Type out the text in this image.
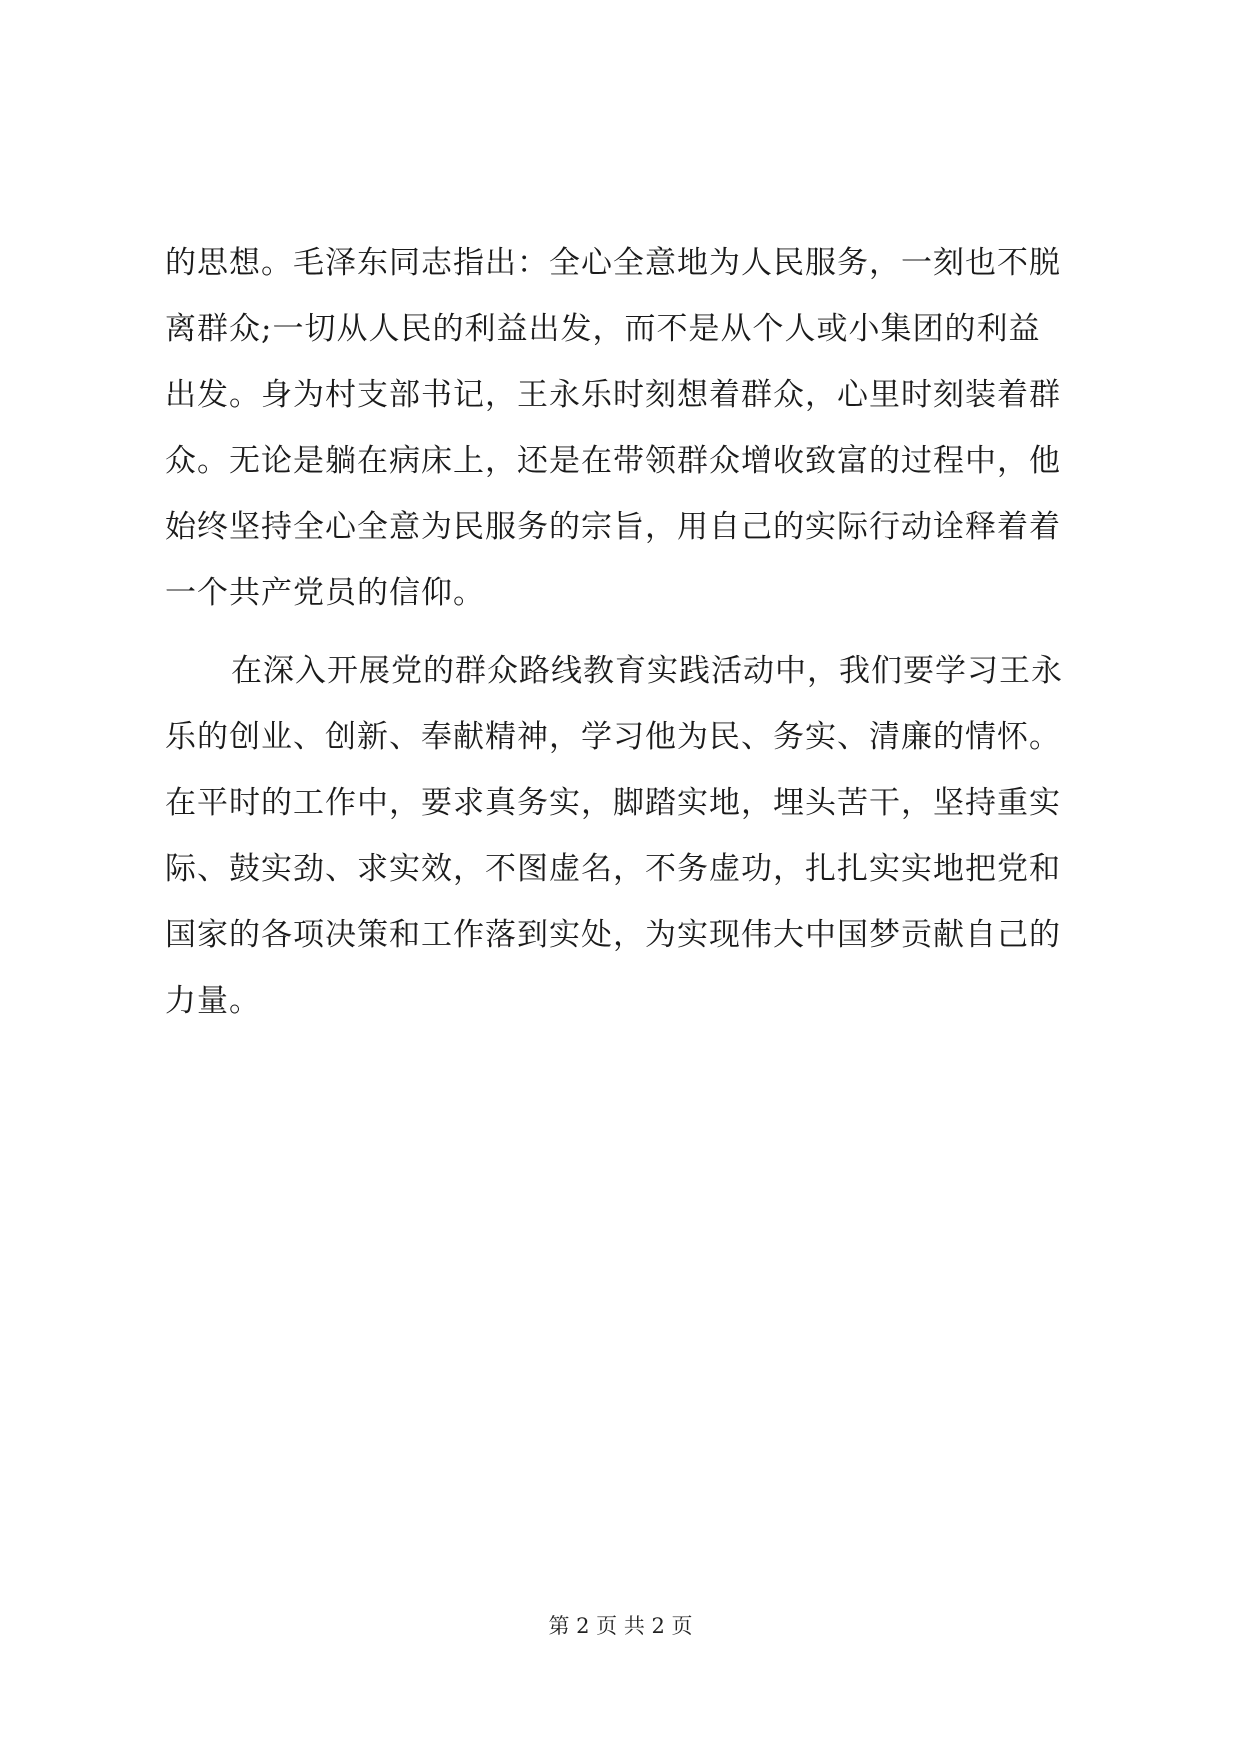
的思想。毛泽东同志指出：全心全意地为人民服务，一刻也不脱
离群众;一切从人民的利益出发，而不是从个人或小集团的利益
出发。身为村支部书记，王永乐时刻想着群众，心里时刻装着群
众。无论是躺在病床上，还是在带领群众增收致富的过程中，他
始终坚持全心全意为民服务的宗旨，用自己的实际行动诠释着着
一个共产党员的信仰。
在深入开展党的群众路线教育实践活动中，我们要学习王永
乐的创业、创新、奉献精神，学习他为民、务实、清廉的情怀。
在平时的工作中，要求真务实，脚踏实地，埋头苦干，坚持重实
际、鼓实劲、求实效，不图虚名，不务虚功，扎扎实实地把党和
国家的各项决策和工作落到实处，为实现伟大中国梦贡献自己的
力量。
第 2 页 共 2 页
